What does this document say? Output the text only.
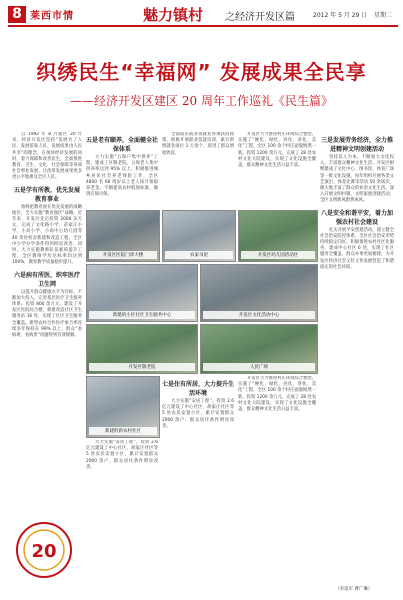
8 莱西市情	魅力镇村 之经济开发区篇	2012 年 5 月 29 日 星期二
织绣民生“幸福网” 发展成果全民享
——经济开发区建区 20 周年工作巡礼《民生篇》

自 1992 年 8 月建区 20 年来，经济开发区坚持“发展为了人民、发展依靠人民、发展成果由人民共享”的理念，在加快经济发展的同时，着力保障和改善民生，全面推进教育、卫生、文化、社会保障等各项社会事业发展，让改革发展成果更多更公平地惠及全区人民。

五是学有所教，优先发展教育事业

始终把教育放在优先发展的战略地位，全力实施“教育强区”战略，近年来，开发区先后投资 2000 多万元，完成了文化路小学、苗家庄小学、小高小学、小高中心幼儿园等 40 余处校舍新建和改造工程，全区中小学办学条件得到明显改善。同时，大力实施教师队伍素质提升工程，全区教师学历达标率均达到 100%，教育教学质量稳步提升。

六是病有所医，织牢医疗卫生网

以提升群众健康水平为目标，不断加大投入，完善基层医疗卫生服务体系。投资 800 余万元，建设了开发区医院综合楼，新建改造社区卫生服务站 16 处，实现了社区卫生服务全覆盖。新型农村合作医疗参合率连续多年保持在 99% 以上，群众“看病难、看病贵”问题得到有效缓解。

五是老有颐养，全面健全社保体系

大力实施“五保户集中供养”工程，建成了区敬老院，五保老人集中供养率达到 95% 以上。积极推进城乡居民社会养老保险工作，全区 4800 名 60 周岁以上老人按月领取养老金。不断提高农村低保标准，做到应保尽保。

全面落实就业再就业各项扶持政策，积极开展职业技能培训，累计新增就业岗位 1 万余个，促进了群众增收致富。

开发区大力推进村庄环境综合整治，实施了“硬化、绿化、亮化、净化、美化”工程，全区 100 余个村庄面貌焕然一新。投资 1200 余万元，完成了 28 处农村文化大院建设，实现了文化设施全覆盖，群众精神文化生活日益丰富。

开发区医院门诊大楼	农家书屋	开发区幼儿园活动区
新建的小区社区卫生服务中心	开发区文化活动中心
开发区敬老院	人民广场
新建的新农村社区
七是住有所居，大力提升生活环境

大力实施“安居工程”，投资 2.6 亿元建设了中心社区、胡家庄社区等 5 处农民安置小区，累计安置群众 2000 余户，群众居住条件明显改善。

大力实施“安居工程”，投资 2.6 亿元建设了中心社区、胡家庄社区等 5 处农民安置小区，累计安置群众 2000 余户，群众居住条件明显改善。

开发区大力推进村庄环境综合整治，实施了“硬化、绿化、亮化、净化、美化”工程，全区 100 余个村庄面貌焕然一新。投资 1200 余万元，完成了 28 处农村文化大院建设，实现了文化设施全覆盖，群众精神文化生活日益丰富。

三是发展劳务经济，全力推进精神文明创建活动

坚持以人为本，不断加大文化投入，丰富群众精神文化生活。开发区相继建成了文化中心、图书馆、体育广场等一批文化设施，每年组织开展各类文艺演出、体育比赛等活动 50 余场次，极大地丰富了群众的业余文化生活。深入开展文明村镇、文明家庭创建活动，全区文明新风蔚然成风。

八是安全和谐平安，着力加强农村社会建设

扎实开展平安创建活动，建立健全社会治安防控体系，全区社会治安形势持续稳定向好。积极推进农村社区化服务，建成中心社区 6 处，实现了社区服务全覆盖，群众办事更加便捷，为开发区经济社会又好又快发展营造了和谐稳定的社会环境。

（李富军 曹广琳）
20
